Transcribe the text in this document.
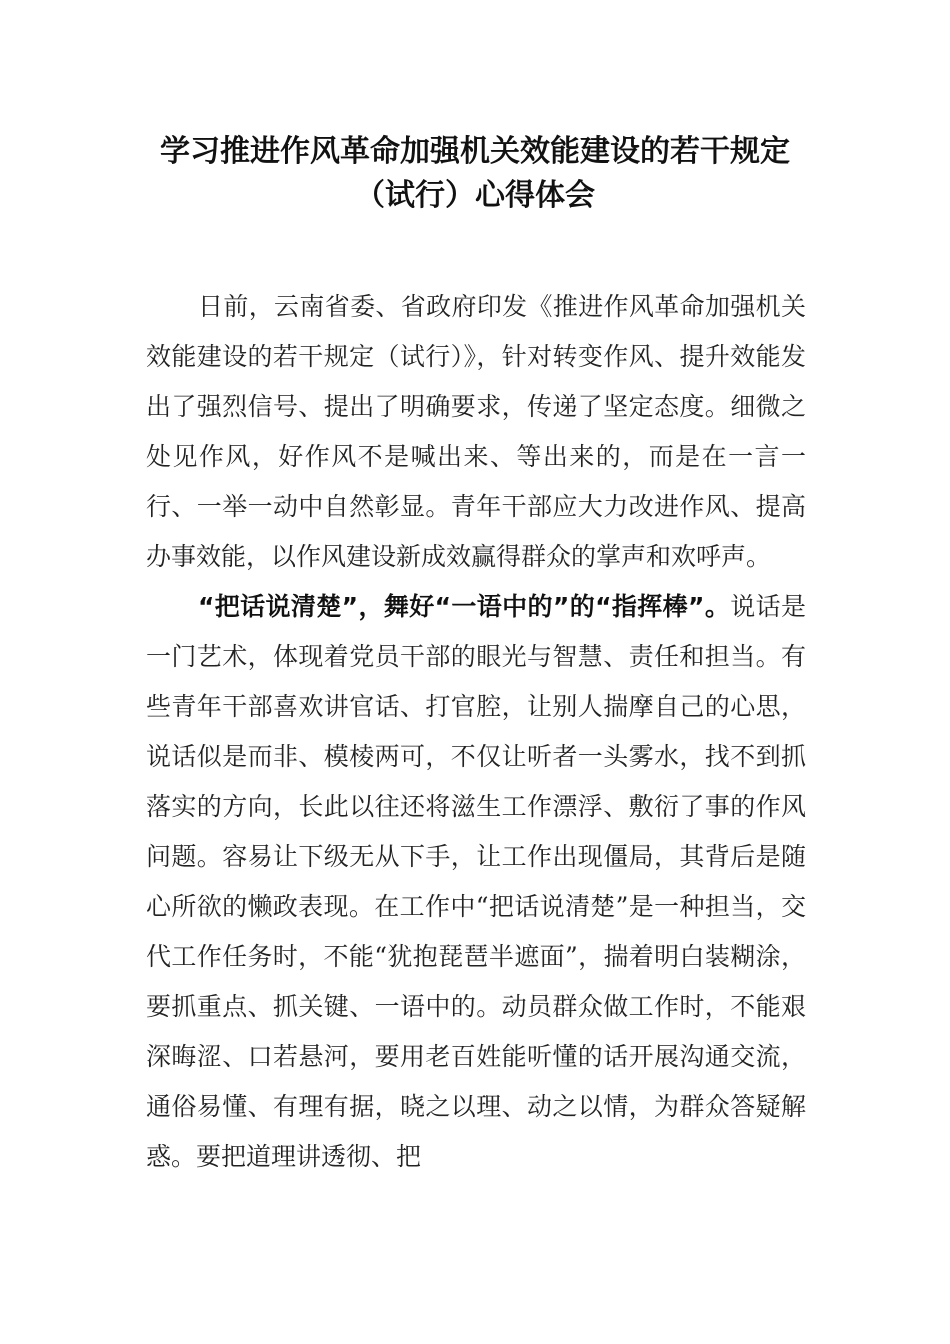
学习推进作风革命加强机关效能建设的若干规定（试行）心得体会

日前，云南省委、省政府印发《推进作风革命加强机关效能建设的若干规定（试行）》，针对转变作风、提升效能发出了强烈信号、提出了明确要求，传递了坚定态度。细微之处见作风，好作风不是喊出来、等出来的，而是在一言一行、一举一动中自然彰显。青年干部应大力改进作风、提高办事效能，以作风建设新成效赢得群众的掌声和欢呼声。

“把话说清楚”，舞好“一语中的”的“指挥棒”。说话是一门艺术，体现着党员干部的眼光与智慧、责任和担当。有些青年干部喜欢讲官话、打官腔，让别人揣摩自己的心思，说话似是而非、模棱两可，不仅让听者一头雾水，找不到抓落实的方向，长此以往还将滋生工作漂浮、敷衍了事的作风问题。容易让下级无从下手，让工作出现僵局，其背后是随心所欲的懒政表现。在工作中“把话说清楚”是一种担当，交代工作任务时，不能“犹抱琵琶半遮面”，揣着明白装糊涂，要抓重点、抓关键、一语中的。动员群众做工作时，不能艰深晦涩、口若悬河，要用老百姓能听懂的话开展沟通交流，通俗易懂、有理有据，晓之以理、动之以情，为群众答疑解惑。要把道理讲透彻、把
